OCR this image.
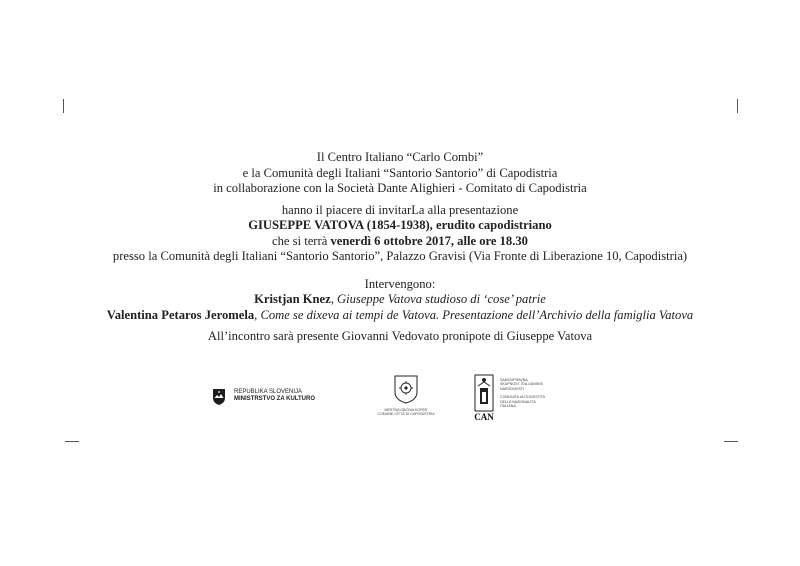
Il Centro Italiano “Carlo Combi”
e la Comunità degli Italiani “Santorio Santorio” di Capodistria
in collaborazione con la Società Dante Alighieri - Comitato di Capodistria
hanno il piacere di invitarLa alla presentazione
GIUSEPPE VATOVA (1854-1938), erudito capodistriano
che si terrà venerdì 6 ottobre 2017, alle ore 18.30
presso la Comunità degli Italiani “Santorio Santorio”, Palazzo Gravisi (Via Fronte di Liberazione 10, Capodistria)
Intervengono:
Kristjan Knez, Giuseppe Vatova studioso di ‘cose’ patrie
Valentina Petaros Jeromela, Come se dixeva ai tempi de Vatova. Presentazione dell’Archivio della famiglia Vatova
All’incontro sarà presente Giovanni Vedovato pronipote di Giuseppe Vatova
REPUBLIKA SLOVENIJA
MINISTRSTVO ZA KULTURO
MESTNA OBČINA KOPER
COMUNE CITTÀ DI CAPODISTRIA	CAN
SAMOUPRAVNA
SKUPNOST ITALIJANSKE
NARODNOSTI
COMUNITÀ AUTOGESTITA
DELLA NAZIONALITÀ
ITALIANA
